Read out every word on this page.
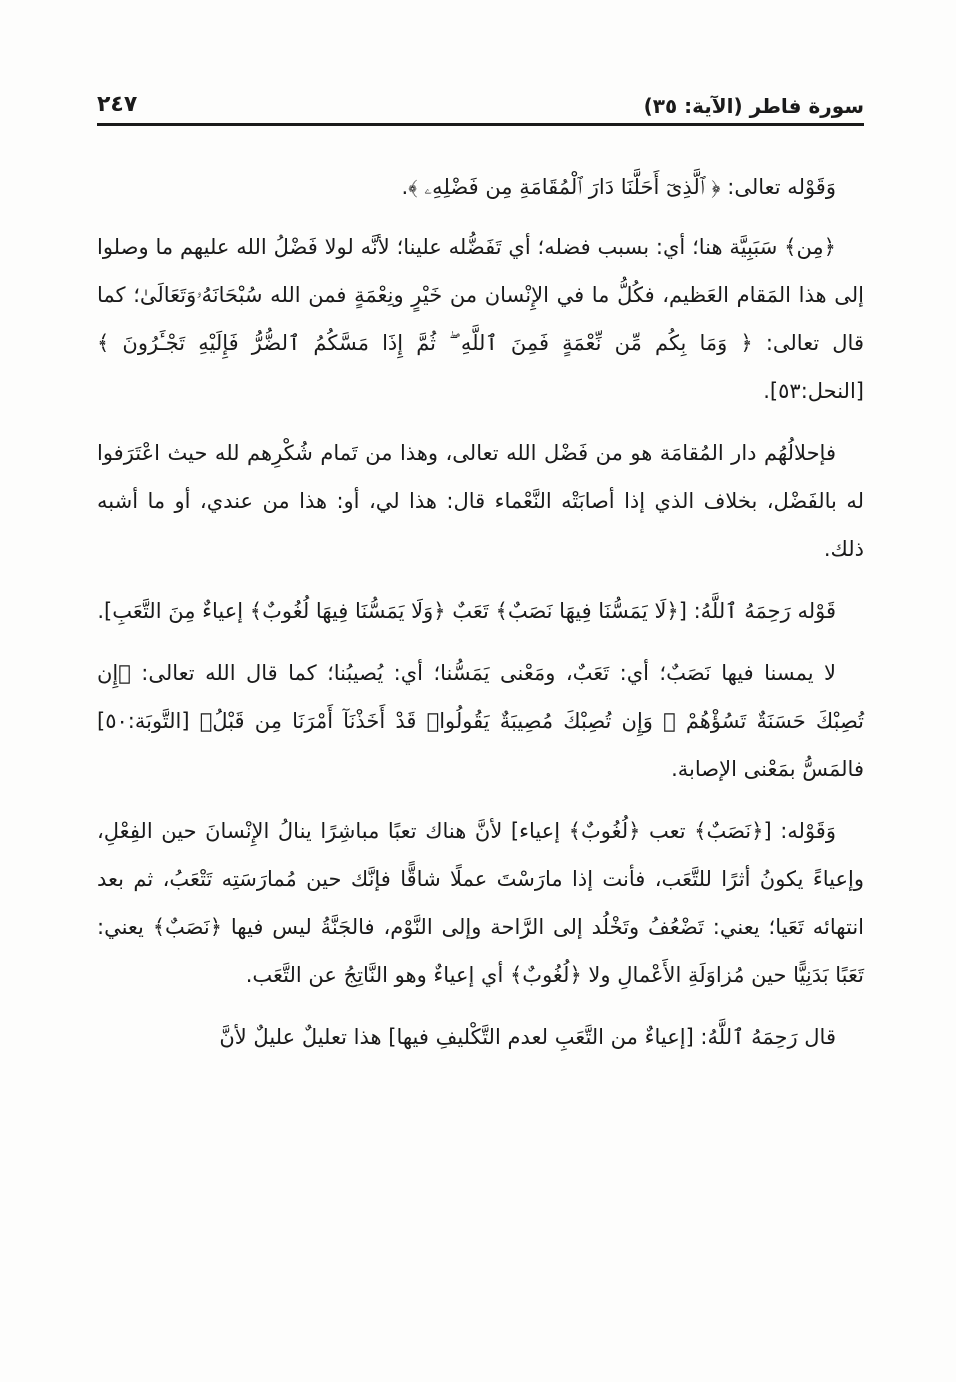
سورة فاطر (الآية: ٣٥)
٢٤٧

وَقَوْله تعالى: ﴿ ٱلَّذِىٓ أَحَلَّنَا دَارَ ٱلْمُقَامَةِ مِن فَضْلِهِۦ ﴾.

﴿مِن﴾ سَبَبِيَّة هنا؛ أي: بسبب فضله؛ أي تَفَضُّله علينا؛ لأنَّه لولا فَضْلُ الله عليهم ما وصلوا إلى هذا المَقام العَظيم، فكُلُّ ما في الإِنْسان من خَيْرٍ ونِعْمَةٍ فمن الله سُبْحَانَهُۥوَتَعَالَىٰ؛ كما قال تعالى: ﴿ وَمَا بِكُم مِّن نِّعْمَةٍ فَمِنَ ٱللَّهِ ۖ ثُمَّ إِذَا مَسَّكُمُ ٱلضُّرُّ فَإِلَيْهِ تَجْـَٔرُونَ ﴾ [النحل:٥٣].

فإحلالُهُم دار المُقامَة هو من فَضْل الله تعالى، وهذا من تَمام شُكْرِهم لله حيث اعْتَرَفوا له بالفَضْل، بخلاف الذي إذا أصابَتْه النَّعْماء قال: هذا لي، أو: هذا من عندي، أو ما أشبه ذلك.

قَوْله رَحِمَهُ ٱللَّهُ: [﴿لَا يَمَسُّنَا فِيهَا نَصَبٌ﴾ تَعَبٌ ﴿وَلَا يَمَسُّنَا فِيهَا لُغُوبٌ﴾ إعياءٌ مِنَ التَّعَبِ].

لا يمسنا فيها نَصَبٌ؛ أي: تَعَبٌ، ومَعْنى يَمَسُّنا؛ أي: يُصيبُنا؛ كما قال الله تعالى: ﴿إِن تُصِبْكَ حَسَنَةٌ تَسُؤْهُمْ ۖ وَإِن تُصِبْكَ مُصِيبَةٌ يَقُولُوا۟ قَدْ أَخَذْنَآ أَمْرَنَا مِن قَبْلُ﴾ [التَّوبَة:٥٠] فالمَسُّ بمَعْنى الإصابة.

وَقَوْله: [﴿نَصَبٌ﴾ تعب ﴿لُغُوبٌ﴾ إعياء] لأنَّ هناك تعبًا مباشِرًا ينالُ الإِنْسانَ حين الفِعْلِ، وإعياءً يكونُ أثرًا للتَّعَب، فأنت إذا مارَسْتَ عملًا شاقًّا فإنَّك حين مُمارَسَتِه تَتْعَبُ، ثم بعد انتهائه تَعَيا؛ يعني: تَضْعُفُ وتَخْلُد إلى الرَّاحة وإلى النَّوْم، فالجَنَّةُ ليس فيها ﴿نَصَبٌ﴾ يعني: تَعَبًا بَدَنِيًّا حين مُزاوَلَةِ الأَعْمالِ ولا ﴿لُغُوبٌ﴾ أي إعياءٌ وهو النَّاتِجُ عن التَّعَب.

قال رَحِمَهُ ٱللَّهُ: [إعياءٌ من التَّعَبِ لعدم التَّكْليفِ فيها] هذا تعليلٌ عليلٌ لأنَّ
